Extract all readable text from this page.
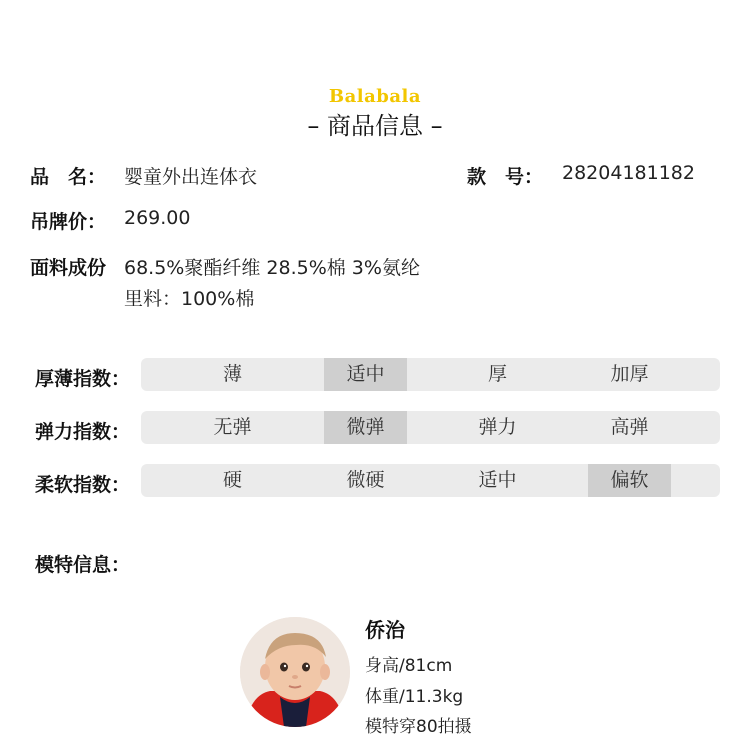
Balabala
– 商品信息 –
品　名： 婴童外出连体衣	款　号： 28204181182
吊牌价： 269.00
面料成份 68.5%聚酯纤维 28.5%棉 3%氨纶
里料：100%棉
厚薄指数：	薄	适中	厚	加厚
弹力指数：	无弹	微弹	弹力	高弹
柔软指数：	硬	微硬	适中	偏软
模特信息：
侨治
身高/81cm
体重/11.3kg
模特穿80拍摄
